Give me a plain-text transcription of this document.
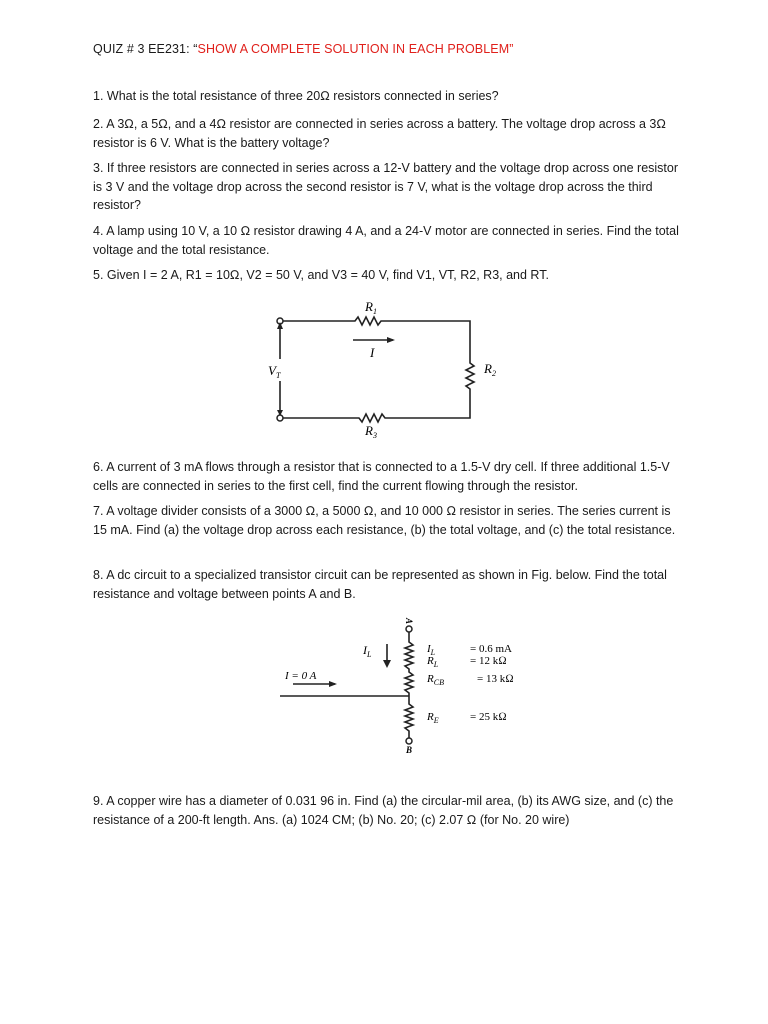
QUIZ # 3 EE231: “SHOW A COMPLETE SOLUTION IN EACH PROBLEM”

1. What is the total resistance of three 20Ω resistors connected in series?

2. A 3Ω, a 5Ω, and a 4Ω resistor are connected in series across a battery. The voltage drop across a 3Ω resistor is 6 V. What is the battery voltage?

3. If three resistors are connected in series across a 12-V battery and the voltage drop across one resistor is 3 V and the voltage drop across the second resistor is 7 V, what is the voltage drop across the third resistor?

4. A lamp using 10 V, a 10 Ω resistor drawing 4 A, and a 24-V motor are connected in series. Find the total voltage and the total resistance.

5. Given I = 2 A, R1 = 10Ω, V2 = 50 V, and V3 = 40 V, find V1, VT, R2, R3, and RT.

$R_1$
I
$R_2$
$V_T$
$R_3$

6. A current of 3 mA flows through a resistor that is connected to a 1.5-V dry cell. If three additional 1.5-V cells are connected in series to the first cell, find the current flowing through the resistor.

7. A voltage divider consists of a 3000 Ω, a 5000 Ω, and 10 000 Ω resistor in series. The series current is 15 mA. Find (a) the voltage drop across each resistance, (b) the total voltage, and (c) the total resistance.

8. A dc circuit to a specialized transistor circuit can be represented as shown in Fig. below. Find the total resistance and voltage between points A and B.

A
B
$I_L$
I = 0 A
$I_L$	= 0.6 mA
$R_L$	= 12 kΩ
$R_{CB}$	= 13 kΩ
$R_E$	= 25 kΩ

9. A copper wire has a diameter of 0.031 96 in. Find (a) the circular-mil area, (b) its AWG size, and (c) the resistance of a 200-ft length. Ans. (a) 1024 CM; (b) No. 20; (c) 2.07 Ω (for No. 20 wire)
